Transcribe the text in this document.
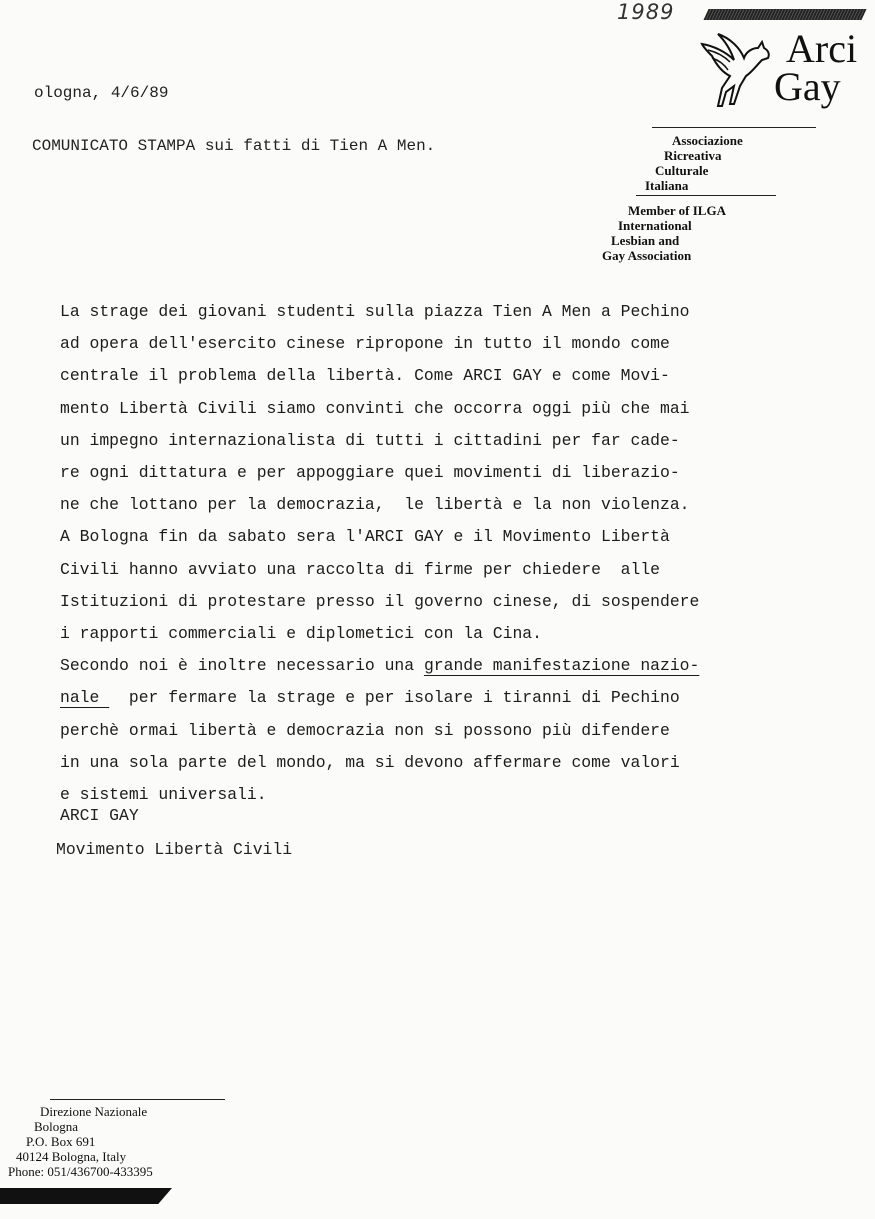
1989
Arci
Gay
Associazione
Ricreativa
Culturale
Italiana
Member of ILGA
International
Lesbian and
Gay Association
ologna, 4/6/89
COMUNICATO STAMPA sui fatti di Tien A Men.
La strage dei giovani studenti sulla piazza Tien A Men a Pechino
ad opera dell'esercito cinese ripropone in tutto il mondo come
centrale il problema della libertà. Come ARCI GAY e come Movi-
mento Libertà Civili siamo convinti che occorra oggi più che mai
un impegno internazionalista di tutti i cittadini per far cade-
re ogni dittatura e per appoggiare quei movimenti di liberazio-
ne che lottano per la democrazia,  le libertà e la non violenza.
A Bologna fin da sabato sera l'ARCI GAY e il Movimento Libertà
Civili hanno avviato una raccolta di firme per chiedere  alle
Istituzioni di protestare presso il governo cinese, di sospendere
i rapporti commerciali e diplometici con la Cina.
Secondo noi è inoltre necessario una grande manifestazione nazio-
nale   per fermare la strage e per isolare i tiranni di Pechino
perchè ormai libertà e democrazia non si possono più difendere
in una sola parte del mondo, ma si devono affermare come valori
e sistemi universali.
ARCI GAY
Movimento Libertà Civili
Direzione Nazionale
Bologna
P.O. Box 691
40124 Bologna, Italy
Phone: 051/436700-433395
